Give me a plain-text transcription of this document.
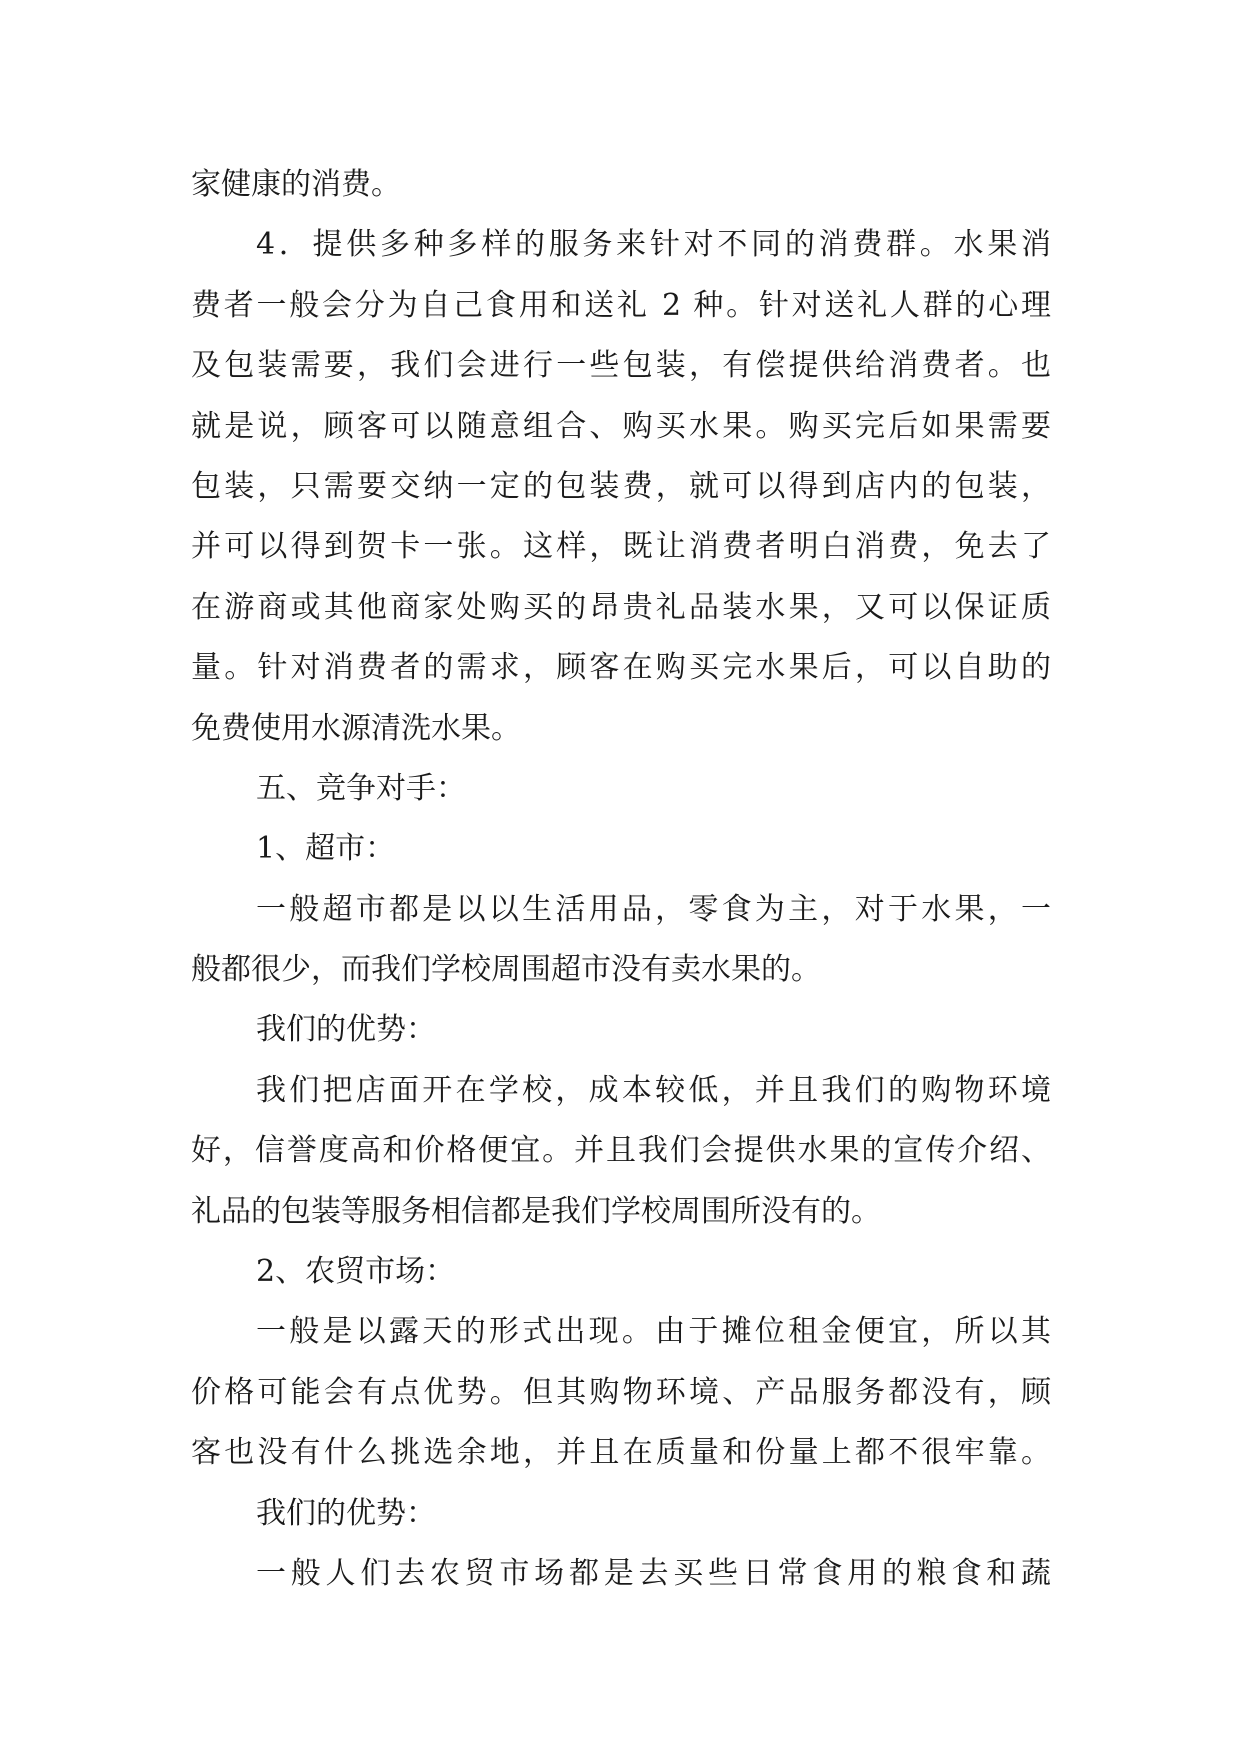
家健康的消费。

4．提供多种多样的服务来针对不同的消费群。水果消

费者一般会分为自己食用和送礼 2 种。针对送礼人群的心理

及包装需要，我们会进行一些包装，有偿提供给消费者。也

就是说，顾客可以随意组合、购买水果。购买完后如果需要

包装，只需要交纳一定的包装费，就可以得到店内的包装，

并可以得到贺卡一张。这样，既让消费者明白消费，免去了

在游商或其他商家处购买的昂贵礼品装水果，又可以保证质

量。针对消费者的需求，顾客在购买完水果后，可以自助的

免费使用水源清洗水果。

五、竞争对手：

1、超市：

一般超市都是以以生活用品，零食为主，对于水果，一

般都很少，而我们学校周围超市没有卖水果的。

我们的优势：

我们把店面开在学校，成本较低，并且我们的购物环境

好，信誉度高和价格便宜。并且我们会提供水果的宣传介绍、

礼品的包装等服务相信都是我们学校周围所没有的。

2、农贸市场：

一般是以露天的形式出现。由于摊位租金便宜，所以其

价格可能会有点优势。但其购物环境、产品服务都没有，顾

客也没有什么挑选余地，并且在质量和份量上都不很牢靠。

我们的优势：

一般人们去农贸市场都是去买些日常食用的粮食和蔬
